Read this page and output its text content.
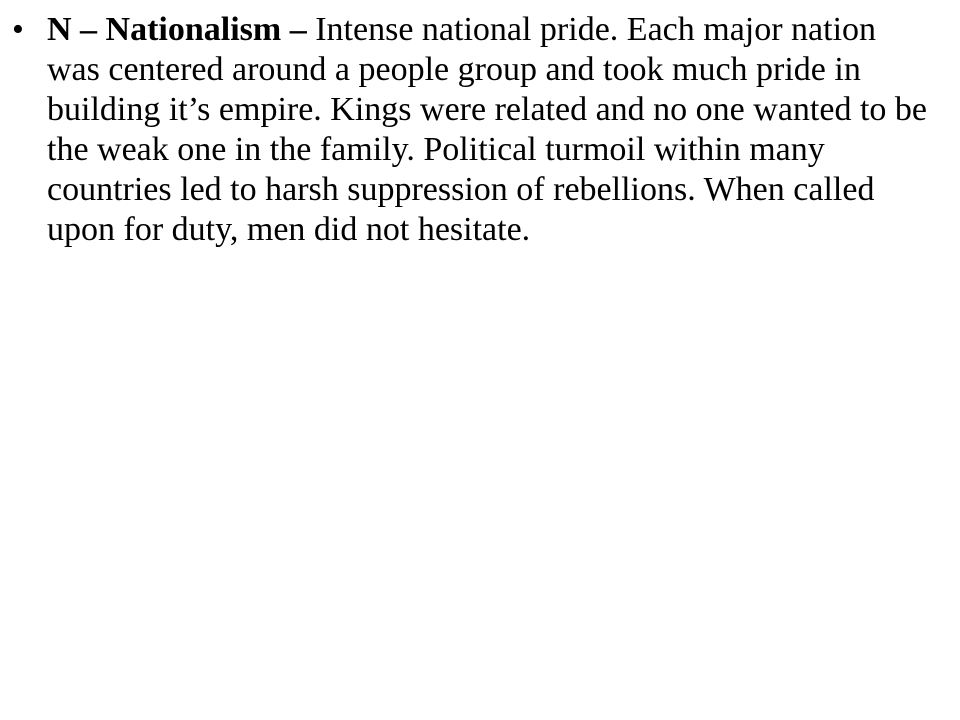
• N – Nationalism – Intense national pride. Each major nation was centered around a people group and took much pride in building it’s empire. Kings were related and no one wanted to be the weak one in the family. Political turmoil within many countries led to harsh suppression of rebellions. When called upon for duty, men did not hesitate.
